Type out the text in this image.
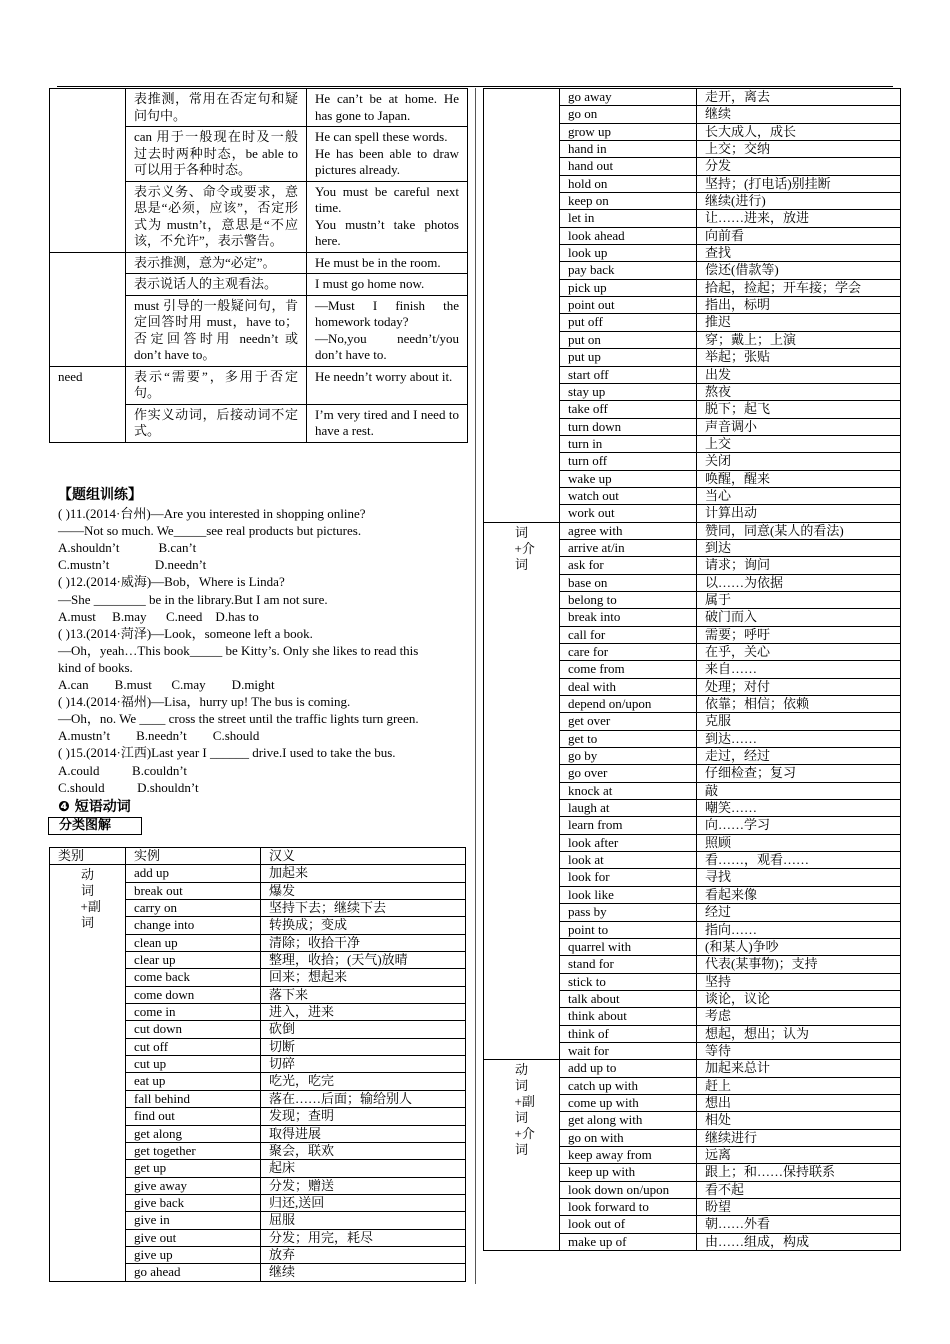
	表推测，常用在否定句和疑问句中。	He can’t be at home. He has gone to Japan.

	can 用于一般现在时及一般过去时两种时态，be able to 可以用于各种时态。	He can spell these words.
He has been able to draw pictures already.

	表示义务、命令或要求，意思是“必须，应该”，否定形式为 mustn’t，意思是“不应该，不允许”，表示警告。	You must be careful next time.
You mustn’t take photos here.

	表示推测，意为“必定”。	He must be in the room.

	表示说话人的主观看法。	I must go home now.

	must 引导的一般疑问句，肯定回答时用 must，have to；否定回答时用 needn’t 或 don’t have to。	—Must I finish the homework today?
—No,you needn’t/you don’t have to.

need	表示“需要”，多用于否定句。	He needn’t worry about it.

	作实义动词，后接动词不定式。	I’m very tired and I need to have a rest.
【题组训练】

( )11.(2014·台州)—Are you interested in shopping online?

——Not so much. We_____see real products but pictures.

A.shouldn’t            B.can’t

C.mustn’t              D.needn’t

( )12.(2014·威海)—Bob，Where is Linda?

—She ________ be in the library.But I am not sure.

A.must     B.may      C.need    D.has to

( )13.(2014·菏泽)—Look，someone left a book.

—Oh，yeah…This book_____ be Kitty’s. Only she likes to read this

kind of books.

A.can        B.must      C.may        D.might

( )14.(2014·福州)—Lisa，hurry up! The bus is coming.

—Oh，no. We ____ cross the street until the traffic lights turn green.

A.mustn’t        B.needn’t        C.should

( )15.(2014·江西)Last year I ______ drive.I used to take the bus.

A.could          B.couldn’t

C.should          D.shouldn’t

❹ 短语动词
分类图解
类别	实例	汉义

动词+副词	add up	加起来
	break out	爆发
	carry on	坚持下去；继续下去
	change into	转换成；变成
	clean up	清除；收拾干净
	clear up	整理，收拾；(天气)放晴
	come back	回来；想起来
	come down	落下来
	come in	进入，进来
	cut down	砍倒
	cut off	切断
	cut up	切碎
	eat up	吃光，吃完
	fall behind	落在……后面；输给别人
	find out	发现；查明
	get along	取得进展
	get together	聚会，联欢
	get up	起床
	give away	分发；赠送
	give back	归还,送回
	give in	屈服
	give out	分发；用完，耗尽
	give up	放弃
	go ahead	继续
	go away	走开，离去
	go on	继续
	grow up	长大成人，成长
	hand in	上交；交纳
	hand out	分发
	hold on	坚持；(打电话)别挂断
	keep on	继续(进行)
	let in	让……进来，放进
	look ahead	向前看
	look up	查找
	pay back	偿还(借款等)
	pick up	拾起，捡起；开车接；学会
	point out	指出，标明
	put off	推迟
	put on	穿；戴上；上演
	put up	举起；张贴
	start off	出发
	stay up	熬夜
	take off	脱下；起飞
	turn down	声音调小
	turn in	上交
	turn off	关闭
	wake up	唤醒，醒来
	watch out	当心
	work out	计算出动

词+介词	agree with	赞同，同意(某人的看法)
	arrive at/in	到达
	ask for	请求；询问
	base on	以……为依据
	belong to	属于
	break into	破门而入
	call for	需要；呼吁
	care for	在乎，关心
	come from	来自……
	deal with	处理；对付
	depend on/upon	依靠；相信；依赖
	get over	克服
	get to	到达……
	go by	走过，经过
	go over	仔细检查；复习
	knock at	敲
	laugh at	嘲笑……
	learn from	向……学习
	look after	照顾
	look at	看……，观看……
	look for	寻找
	look like	看起来像
	pass by	经过
	point to	指向……
	quarrel with	(和某人)争吵
	stand for	代表(某事物)；支持
	stick to	坚持
	talk about	谈论，议论
	think about	考虑
	think of	想起，想出；认为
	wait for	等待

动词+副词+介词	add up to	加起来总计
	catch up with	赶上
	come up with	想出
	get along with	相处
	go on with	继续进行
	keep away from	远离
	keep up with	跟上；和……保持联系
	look down on/upon	看不起
	look forward to	盼望
	look out of	朝……外看
	make up of	由……组成，构成
